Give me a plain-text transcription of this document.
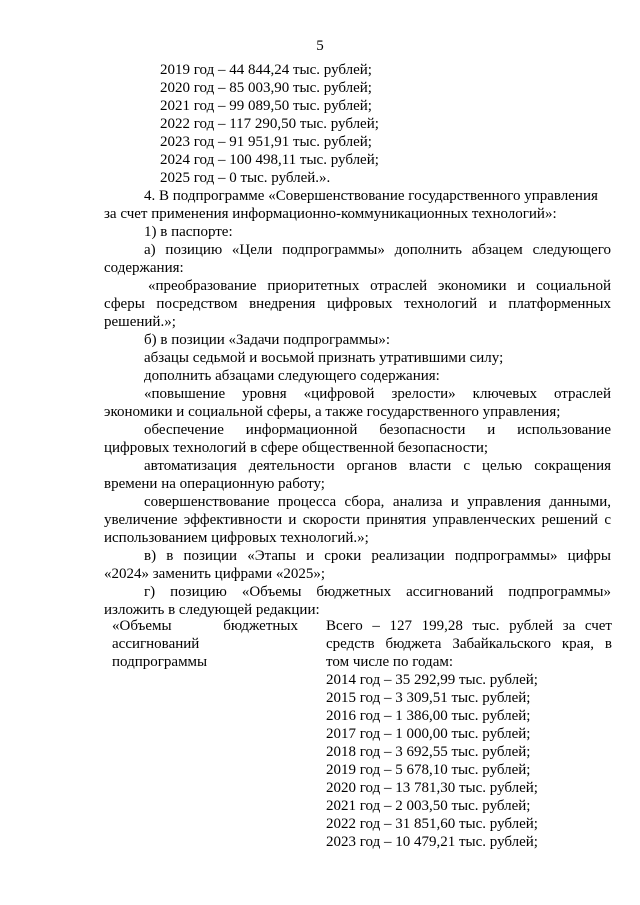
5
2019 год – 44 844,24 тыс. рублей;
2020 год – 85 003,90 тыс. рублей;
2021 год – 99 089,50 тыс. рублей;
2022 год – 117 290,50 тыс. рублей;
2023 год – 91 951,91 тыс. рублей;
2024 год – 100 498,11 тыс. рублей;
2025 год – 0 тыс. рублей.».
4. В подпрограмме «Совершенствование государственного управления
за счет применения информационно-коммуникационных технологий»:
1) в паспорте:
а) позицию «Цели подпрограммы» дополнить абзацем следующего
содержания:
«преобразование приоритетных отраслей экономики и социальной
сферы посредством внедрения цифровых технологий и платформенных
решений.»;
б) в позиции «Задачи подпрограммы»:
абзацы седьмой и восьмой признать утратившими силу;
дополнить абзацами следующего содержания:
«повышение уровня «цифровой зрелости» ключевых отраслей
экономики и социальной сферы, а также государственного управления;
обеспечение информационной безопасности и использование
цифровых технологий в сфере общественной безопасности;
автоматизация деятельности органов власти с целью сокращения
времени на операционную работу;
совершенствование процесса сбора, анализа и управления данными,
увеличение эффективности и скорости принятия управленческих решений с
использованием цифровых технологий.»;
в) в позиции «Этапы и сроки реализации подпрограммы» цифры
«2024» заменить цифрами «2025»;
г) позицию «Объемы бюджетных ассигнований подпрограммы»
изложить в следующей редакции:
«Объемы бюджетных
ассигнований
подпрограммы
Всего – 127 199,28 тыс. рублей за счет
средств бюджета Забайкальского края, в
том числе по годам:
2014 год – 35 292,99 тыс. рублей;
2015 год – 3 309,51 тыс. рублей;
2016 год – 1 386,00 тыс. рублей;
2017 год – 1 000,00 тыс. рублей;
2018 год – 3 692,55 тыс. рублей;
2019 год – 5 678,10 тыс. рублей;
2020 год – 13 781,30 тыс. рублей;
2021 год – 2 003,50 тыс. рублей;
2022 год – 31 851,60 тыс. рублей;
2023 год – 10 479,21 тыс. рублей;
